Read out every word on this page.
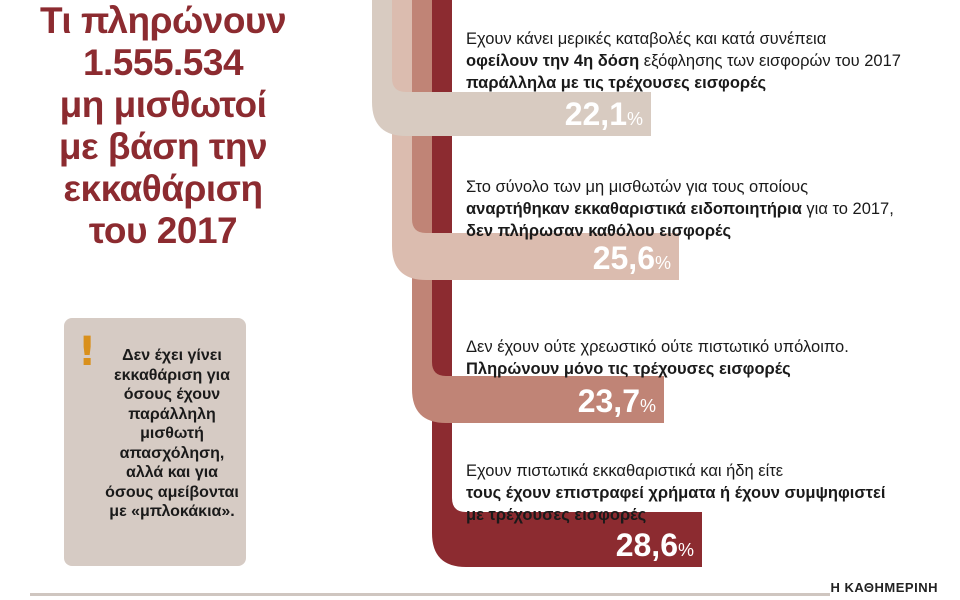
Τι πληρώνουν
1.555.534
μη μισθωτοί
με βάση την
εκκαθάριση
του 2017
!	Δεν έχει γίνει εκκαθάριση για όσους έχουν παράλληλη μισθωτή απασχόληση, αλλά και για όσους αμείβονται με «μπλοκάκια».
28,6%
23,7%
25,6%
22,1%
Εχουν κάνει μερικές καταβολές και κατά συνέπεια
οφείλουν την 4η δόση εξόφλησης των εισφορών του 2017
παράλληλα με τις τρέχουσες εισφορές
Στο σύνολο των μη μισθωτών για τους οποίους
αναρτήθηκαν εκκαθαριστικά ειδοποιητήρια για το 2017,
δεν πλήρωσαν καθόλου εισφορές
Δεν έχουν ούτε χρεωστικό ούτε πιστωτικό υπόλοιπο.
Πληρώνουν μόνο τις τρέχουσες εισφορές
Εχουν πιστωτικά εκκαθαριστικά και ήδη είτε
τους έχουν επιστραφεί χρήματα ή έχουν συμψηφιστεί
με τρέχουσες εισφορές
Η ΚΑΘΗΜΕΡΙΝΗ
